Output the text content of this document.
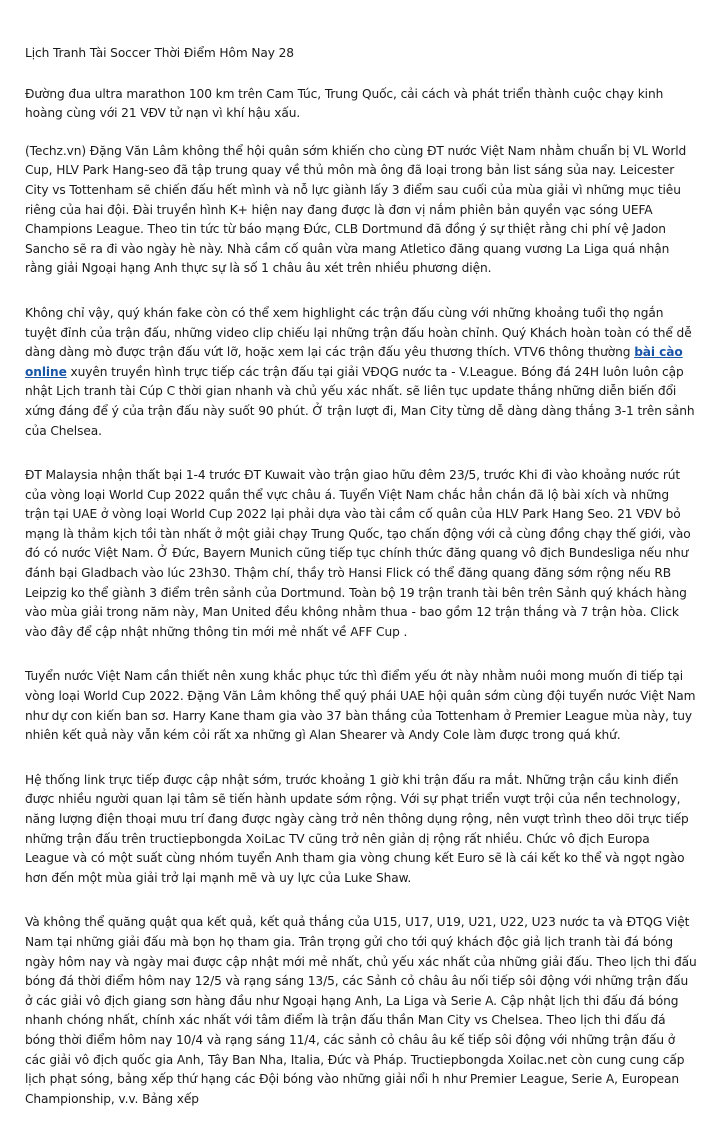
Lịch Tranh Tài Soccer Thời Điểm Hôm Nay 28

Đường đua ultra marathon 100 km trên Cam Túc, Trung Quốc, cải cách và phát triển thành cuộc chạy kinh hoàng cùng với 21 VĐV tử nạn vì khí hậu xấu.

(Techz.vn) Đặng Văn Lâm không thể hội quân sớm khiến cho cùng ĐT nước Việt Nam nhằm chuẩn bị VL World Cup, HLV Park Hang-seo đã tập trung quay về thủ môn mà ông đã loại trong bản list sáng sủa nay. Leicester City vs Tottenham sẽ chiến đấu hết mình và nỗ lực giành lấy 3 điểm sau cuối của mùa giải vì những mục tiêu riêng của hai đội. Đài truyền hình K+ hiện nay đang được là đơn vị nắm phiên bản quyền vạc sóng UEFA Champions League. Theo tin tức từ báo mạng Đức, CLB Dortmund đã đồng ý sự thiệt rằng chi phí vệ Jadon Sancho sẽ ra đi vào ngày hè này. Nhà cầm cố quân vừa mang Atletico đăng quang vương La Liga quá nhận rằng giải Ngoại hạng Anh thực sự là số 1 châu âu xét trên nhiều phương diện.

Không chỉ vậy, quý khán fake còn có thể xem highlight các trận đấu cùng với những khoảng tuổi thọ ngắn tuyệt đỉnh của trận đấu, những video clip chiếu lại những trận đấu hoàn chỉnh. Quý Khách hoàn toàn có thể dễ dàng dàng mò được trận đấu vứt lỡ, hoặc xem lại các trận đấu yêu thương thích. VTV6 thông thường bài cào online xuyên truyền hình trực tiếp các trận đấu tại giải VĐQG nước ta - V.League. Bóng đá 24H luôn luôn cập nhật Lịch tranh tài Cúp C thời gian nhanh và chủ yếu xác nhất. sẽ liên tục update thắng những diễn biến đổi xứng đáng để ý của trận đấu này suốt 90 phút. Ở trận lượt đi, Man City từng dễ dàng dàng thắng 3-1 trên sảnh của Chelsea.

ĐT Malaysia nhận thất bại 1-4 trước ĐT Kuwait vào trận giao hữu đêm 23/5, trước Khi đi vào khoảng nước rút của vòng loại World Cup 2022 quần thể vực châu á. Tuyển Việt Nam chắc hẳn chắn đã lộ bài xích và những trận tại UAE ở vòng loại World Cup 2022 lại phải dựa vào tài cầm cố quân của HLV Park Hang Seo. 21 VĐV bỏ mạng là thảm kịch tồi tàn nhất ở một giải chạy Trung Quốc, tạo chấn động với cả cùng đồng chạy thế giới, vào đó có nước Việt Nam. Ở Đức, Bayern Munich cũng tiếp tục chính thức đăng quang vô địch Bundesliga nếu như đánh bại Gladbach vào lúc 23h30. Thậm chí, thầy trò Hansi Flick có thể đăng quang đăng sớm rộng nếu RB Leipzig ko thể giành 3 điểm trên sảnh của Dortmund. Toàn bộ 19 trận tranh tài bên trên Sảnh quý khách hàng vào mùa giải trong năm này, Man United đều không nhằm thua - bao gồm 12 trận thắng và 7 trận hòa. Click vào đây để cập nhật những thông tin mới mẻ nhất về AFF Cup .

Tuyển nước Việt Nam cần thiết nên xung khắc phục tức thì điểm yếu ớt này nhằm nuôi mong muốn đi tiếp tại vòng loại World Cup 2022. Đặng Văn Lâm không thể quý phái UAE hội quân sớm cùng đội tuyển nước Việt Nam như dự con kiến ban sơ. Harry Kane tham gia vào 37 bàn thắng của Tottenham ở Premier League mùa này, tuy nhiên kết quả này vẫn kém cỏi rất xa những gì Alan Shearer và Andy Cole làm được trong quá khứ.

Hệ thống link trực tiếp được cập nhật sớm, trước khoảng 1 giờ khi trận đấu ra mắt. Những trận cầu kinh điển được nhiều người quan lại tâm sẽ tiến hành update sớm rộng. Với sự phạt triển vượt trội của nền technology, năng lượng điện thoại mưu trí đang được ngày càng trở nên thông dụng rộng, nên vượt trình theo dõi trực tiếp những trận đấu trên tructiepbongda XoiLac TV cũng trở nên giản dị rộng rất nhiều. Chức vô địch Europa League và có một suất cùng nhóm tuyển Anh tham gia vòng chung kết Euro sẽ là cái kết ko thể và ngọt ngào hơn đến một mùa giải trở lại mạnh mẽ và uy lực của Luke Shaw.

Và không thể quăng quật qua kết quả, kết quả thắng của U15, U17, U19, U21, U22, U23 nước ta và ĐTQG Việt Nam tại những giải đấu mà bọn họ tham gia. Trân trọng gửi cho tới quý khách độc giả lịch tranh tài đá bóng ngày hôm nay và ngày mai được cập nhật mới mẻ nhất, chủ yếu xác nhất của những giải đấu. Theo lịch thi đấu bóng đá thời điểm hôm nay 12/5 và rạng sáng 13/5, các Sảnh cỏ châu âu nối tiếp sôi động với những trận đấu ở các giải vô địch giang sơn hàng đầu như Ngoại hạng Anh, La Liga và Serie A. Cập nhật lịch thi đấu đá bóng nhanh chóng nhất, chính xác nhất với tâm điểm là trận đấu thần Man City vs Chelsea. Theo lịch thi đấu đá bóng thời điểm hôm nay 10/4 và rạng sáng 11/4, các sảnh cỏ châu âu kế tiếp sôi động với những trận đấu ở các giải vô địch quốc gia Anh, Tây Ban Nha, Italia, Đức và Pháp. Tructiepbongda Xoilac.net còn cung cung cấp lịch phạt sóng, bảng xếp thứ hạng các Đội bóng vào những giải nổi h như Premier League, Serie A, European Championship, v.v. Bảng xếp
